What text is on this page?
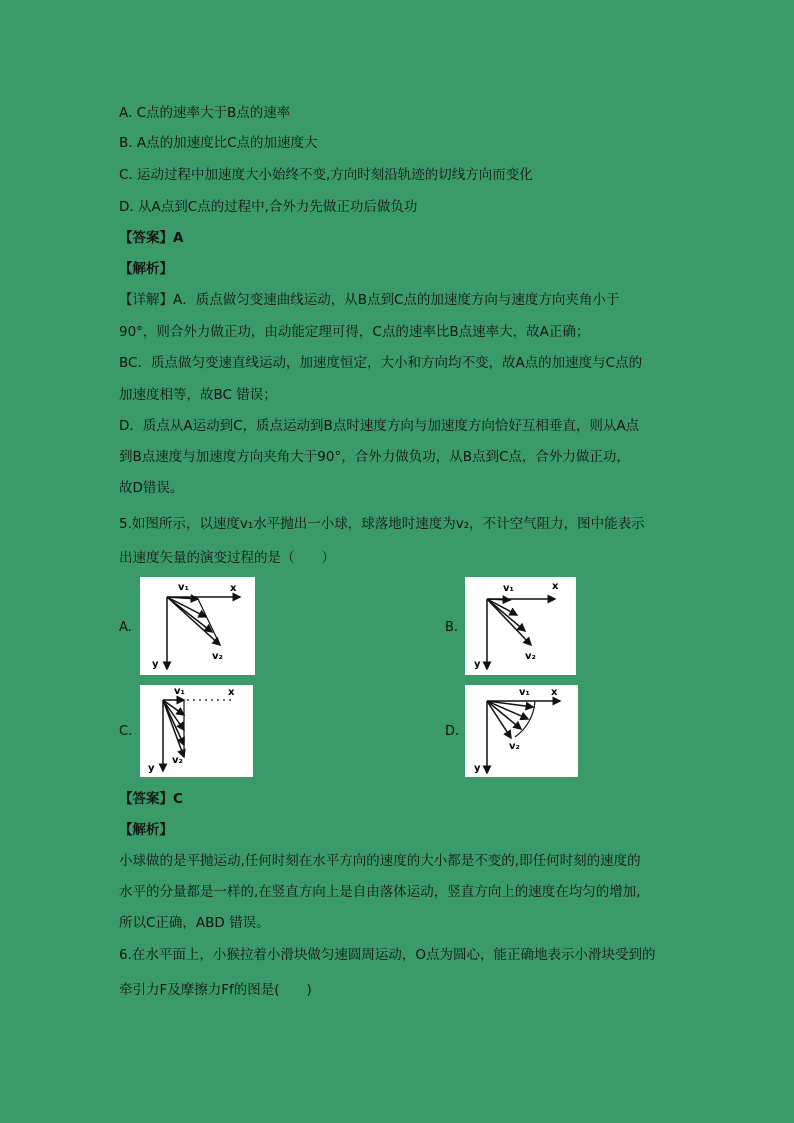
A. C点的速率大于B点的速率
B. A点的加速度比C点的加速度大
C. 运动过程中加速度大小始终不变,方向时刻沿轨迹的切线方向而变化
D. 从A点到C点的过程中,合外力先做正功后做负功
【答案】A
【解析】
【详解】A．质点做匀变速曲线运动，从B点到C点的加速度方向与速度方向夹角小于
90°，则合外力做正功，由动能定理可得，C点的速率比B点速率大，故A正确；
BC．质点做匀变速直线运动，加速度恒定，大小和方向均不变，故A点的加速度与C点的
加速度相等，故BC 错误；
D．质点从A运动到C，质点运动到B点时速度方向与加速度方向恰好互相垂直，则从A点
到B点速度与加速度方向夹角大于90°，合外力做负功，从B点到C点，合外力做正功，
故D错误。
5.如图所示，以速度v₁水平抛出一小球，球落地时速度为v₂，不计空气阻力，图中能表示
出速度矢量的演变过程的是（　　）
A.
v₁	x
v₂
y
B.
v₁	x
v₂
y
C.
v₁	x
v₂
y
D.
v₁ x
v₂
y
【答案】C
【解析】
小球做的是平抛运动,任何时刻在水平方向的速度的大小都是不变的,即任何时刻的速度的
水平的分量都是一样的,在竖直方向上是自由落体运动，竖直方向上的速度在均匀的增加,
所以C正确，ABD 错误。
6.在水平面上，小猴拉着小滑块做匀速圆周运动，O点为圆心，能正确地表示小滑块受到的
牵引力F及摩擦力Ff的图是(　　)
